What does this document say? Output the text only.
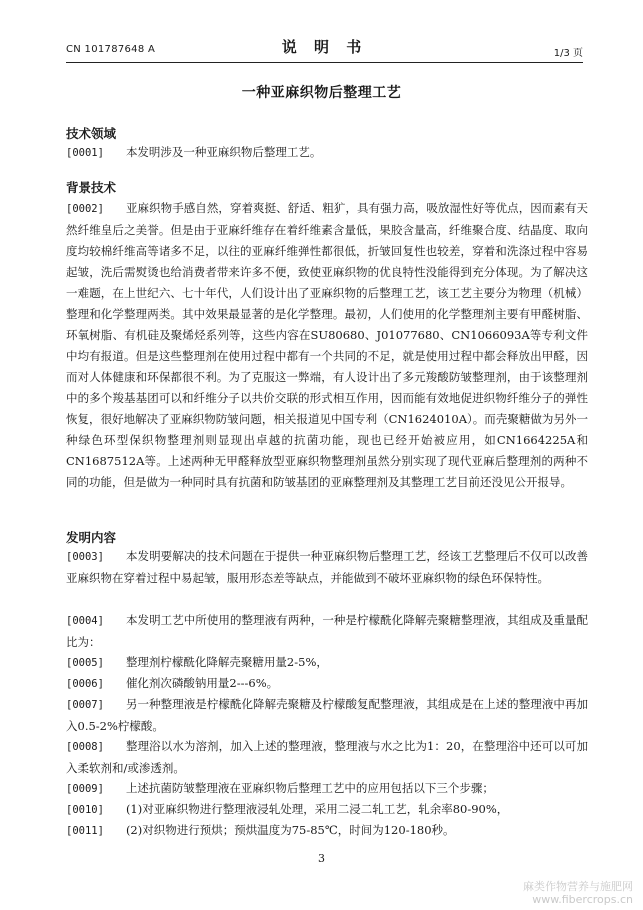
CN 101787648 A	说 明 书	1/3 页
一种亚麻织物后整理工艺
技术领域
[0001] 本发明涉及一种亚麻织物后整理工艺。
背景技术
[0002] 亚麻织物手感自然，穿着爽挺、舒适、粗犷，具有强力高，吸放湿性好等优点，因而素有天然纤维皇后之美誉。但是由于亚麻纤维存在着纤维素含量低，果胶含量高，纤维聚合度、结晶度、取向度均较棉纤维高等诸多不足，以往的亚麻纤维弹性都很低，折皱回复性也较差，穿着和洗涤过程中容易起皱，洗后需熨烫也给消费者带来许多不便，致使亚麻织物的优良特性没能得到充分体现。为了解决这一难题，在上世纪六、七十年代，人们设计出了亚麻织物的后整理工艺，该工艺主要分为物理（机械）整理和化学整理两类。其中效果最显著的是化学整理。最初，人们使用的化学整理剂主要有甲醛树脂、环氧树脂、有机硅及聚烯烃系列等，这些内容在SU80680、J01077680、CN1066093A等专利文件中均有报道。但是这些整理剂在使用过程中都有一个共同的不足，就是使用过程中都会释放出甲醛，因而对人体健康和环保都很不利。为了克服这一弊端，有人设计出了多元羧酸防皱整理剂，由于该整理剂中的多个羧基基团可以和纤维分子以共价交联的形式相互作用，因而能有效地促进织物纤维分子的弹性恢复，很好地解决了亚麻织物防皱问题，相关报道见中国专利（CN1624010A）。而壳聚糖做为另外一种绿色环型保织物整理剂则显现出卓越的抗菌功能，现也已经开始被应用，如CN1664225A和CN1687512A等。上述两种无甲醛释放型亚麻织物整理剂虽然分别实现了现代亚麻后整理剂的两种不同的功能，但是做为一种同时具有抗菌和防皱基团的亚麻整理剂及其整理工艺目前还没见公开报导。
发明内容
[0003] 本发明要解决的技术问题在于提供一种亚麻织物后整理工艺，经该工艺整理后不仅可以改善亚麻织物在穿着过程中易起皱，服用形态差等缺点，并能做到不破坏亚麻织物的绿色环保特性。
[0004] 本发明工艺中所使用的整理液有两种，一种是柠檬酰化降解壳聚糖整理液，其组成及重量配比为：
[0005] 整理剂柠檬酰化降解壳聚糖用量2-5%，
[0006] 催化剂次磷酸钠用量2---6%。
[0007] 另一种整理液是柠檬酰化降解壳聚糖及柠檬酸复配整理液，其组成是在上述的整理液中再加入0.5-2%柠檬酸。
[0008] 整理浴以水为溶剂，加入上述的整理液，整理液与水之比为1：20，在整理浴中还可以可加入柔软剂和/或渗透剂。
[0009] 上述抗菌防皱整理液在亚麻织物后整理工艺中的应用包括以下三个步骤；
[0010] (1)对亚麻织物进行整理液浸轧处理，采用二浸二轧工艺，轧余率80-90%，
[0011] (2)对织物进行预烘；预烘温度为75-85℃，时间为120-180秒。
3
麻类作物营养与施肥网
www.fibercrops.cn
